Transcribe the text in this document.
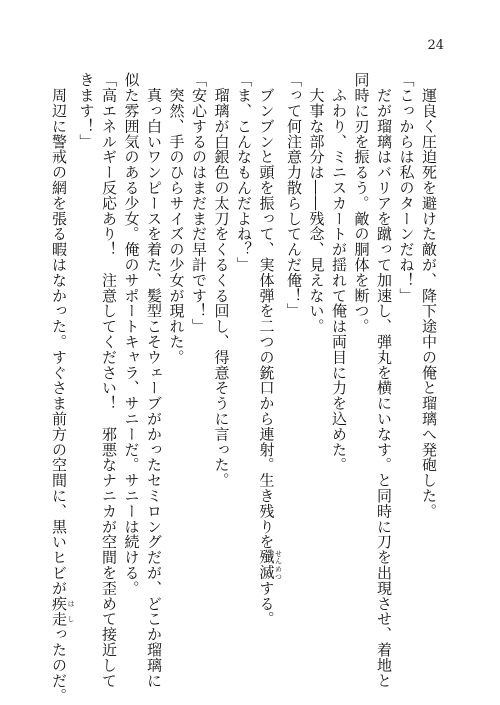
24
　運良く圧迫死を避けた敵が、降下途中の俺と瑠璃へ発砲した。
「こっからは私のターンだね！」
　だが瑠璃はバリアを蹴って加速し、弾丸を横にいなす。と同時に刀を出現させ、着地と
同時に刃を振るう。敵の胴体を断つ。
　ふわり、ミニスカートが揺れて俺は両目に力を込めた。
　大事な部分は――残念、見えない。
「って何注意力散らしてんだ俺！」
　ブンブンと頭を振って、実体弾を二つの銃口から連射。生き残りを殲滅 せんめつする。
「ま、こんなもんだよね？」
　瑠璃が白銀色の太刀をくるくる回し、得意そうに言った。
「安心するのはまだまだ早計です！」
　突然、手のひらサイズの少女が現れた。
　真っ白いワンピースを着た、髪型こそウェーブがかったセミロングだが、どこか瑠璃に
似た雰囲気のある少女。俺のサポートキャラ、サニーだ。サニーは続ける。
「高エネルギー反応あり！　注意してください！　邪悪なナニカが空間を歪めて接近して
きます！」
　周辺に警戒の網を張る暇はなかった。すぐさま前方の空間に、黒いヒビが疾走 はしったのだ。
